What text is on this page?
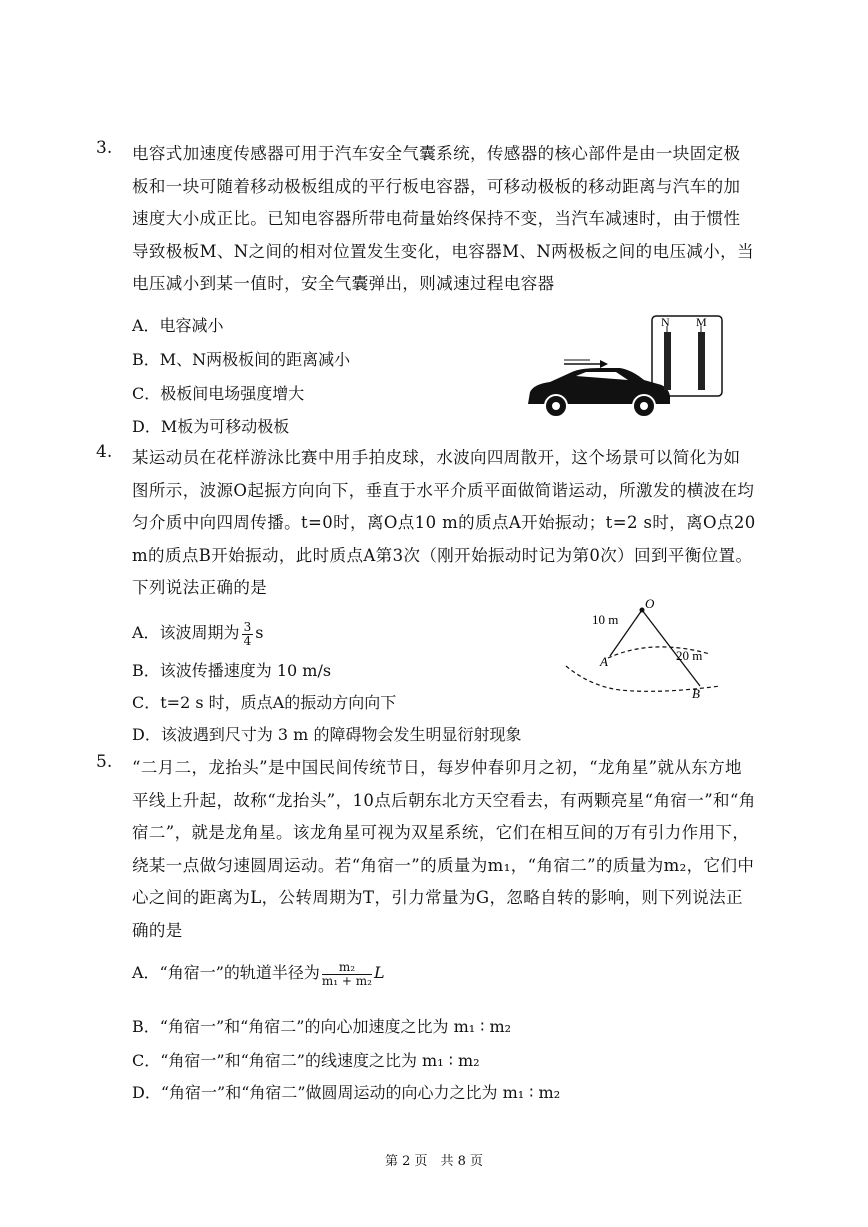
3. 电容式加速度传感器可用于汽车安全气囊系统，传感器的核心部件是由一块固定极板和一块可随着移动极板组成的平行板电容器，可移动极板的移动距离与汽车的加速度大小成正比。已知电容器所带电荷量始终保持不变，当汽车减速时，由于惯性导致极板M、N之间的相对位置发生变化，电容器M、N两极板之间的电压减小，当电压减小到某一值时，安全气囊弹出，则减速过程电容器
A．电容减小
B．M、N两极板间的距离减小
C．极板间电场强度增大
D．M板为可移动极板
N M
4. 某运动员在花样游泳比赛中用手拍皮球，水波向四周散开，这个场景可以简化为如图所示，波源O起振方向向下，垂直于水平介质平面做简谐运动，所激发的横波在均匀介质中向四周传播。t=0时，离O点10 m的质点A开始振动；t=2 s时，离O点20 m的质点B开始振动，此时质点A第3次（刚开始振动时记为第0次）回到平衡位置。下列说法正确的是
A．该波周期为 $\frac{3}{4}$ s
B．该波传播速度为 10 m/s
C．t=2 s 时，质点A的振动方向向下
D．该波遇到尺寸为 3 m 的障碍物会发生明显衍射现象
O
A
B
10 m
20 m
5. “二月二，龙抬头”是中国民间传统节日，每岁仲春卯月之初，“龙角星”就从东方地平线上升起，故称“龙抬头”，10点后朝东北方天空看去，有两颗亮星“角宿一”和“角宿二”，就是龙角星。该龙角星可视为双星系统，它们在相互间的万有引力作用下，绕某一点做匀速圆周运动。若“角宿一”的质量为m₁，“角宿二”的质量为m₂，它们中心之间的距离为L，公转周期为T，引力常量为G，忽略自转的影响，则下列说法正确的是
A．“角宿一”的轨道半径为 $\frac{\text{m₂}}{\text{m₁ + m₂}}$ L
B．“角宿一”和“角宿二”的向心加速度之比为 m₁ ∶ m₂
C．“角宿一”和“角宿二”的线速度之比为 m₁ ∶ m₂
D．“角宿一”和“角宿二”做圆周运动的向心力之比为 m₁ ∶ m₂
第 2 页　共 8 页
